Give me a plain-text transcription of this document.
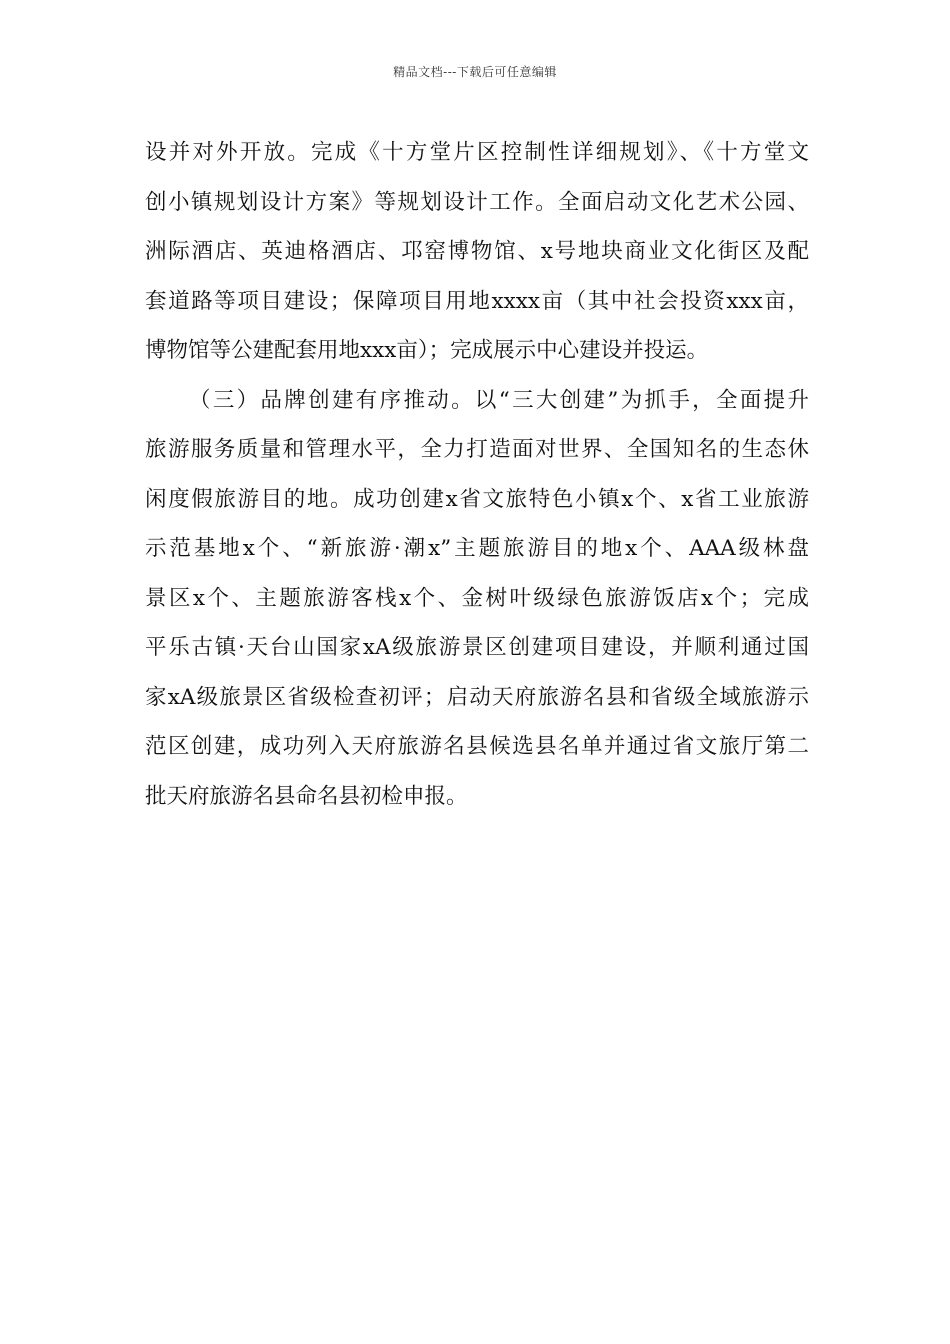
精品文档---下载后可任意编辑
设并对外开放。完成《十方堂片区控制性详细规划》、《十方堂文
创小镇规划设计方案》等规划设计工作。全面启动文化艺术公园、
洲际酒店、英迪格酒店、邛窑博物馆、x号地块商业文化街区及配
套道路等项目建设；保障项目用地xxxx亩（其中社会投资xxx亩，
博物馆等公建配套用地xxx亩）；完成展示中心建设并投运。
（三）品牌创建有序推动。以“三大创建”为抓手，全面提升
旅游服务质量和管理水平，全力打造面对世界、全国知名的生态休
闲度假旅游目的地。成功创建x省文旅特色小镇x个、x省工业旅游
示范基地x个、“新旅游·潮x”主题旅游目的地x个、AAA级林盘
景区x个、主题旅游客栈x个、金树叶级绿色旅游饭店x个；完成
平乐古镇·天台山国家xA级旅游景区创建项目建设，并顺利通过国
家xA级旅景区省级检查初评；启动天府旅游名县和省级全域旅游示
范区创建，成功列入天府旅游名县候选县名单并通过省文旅厅第二
批天府旅游名县命名县初检申报。
